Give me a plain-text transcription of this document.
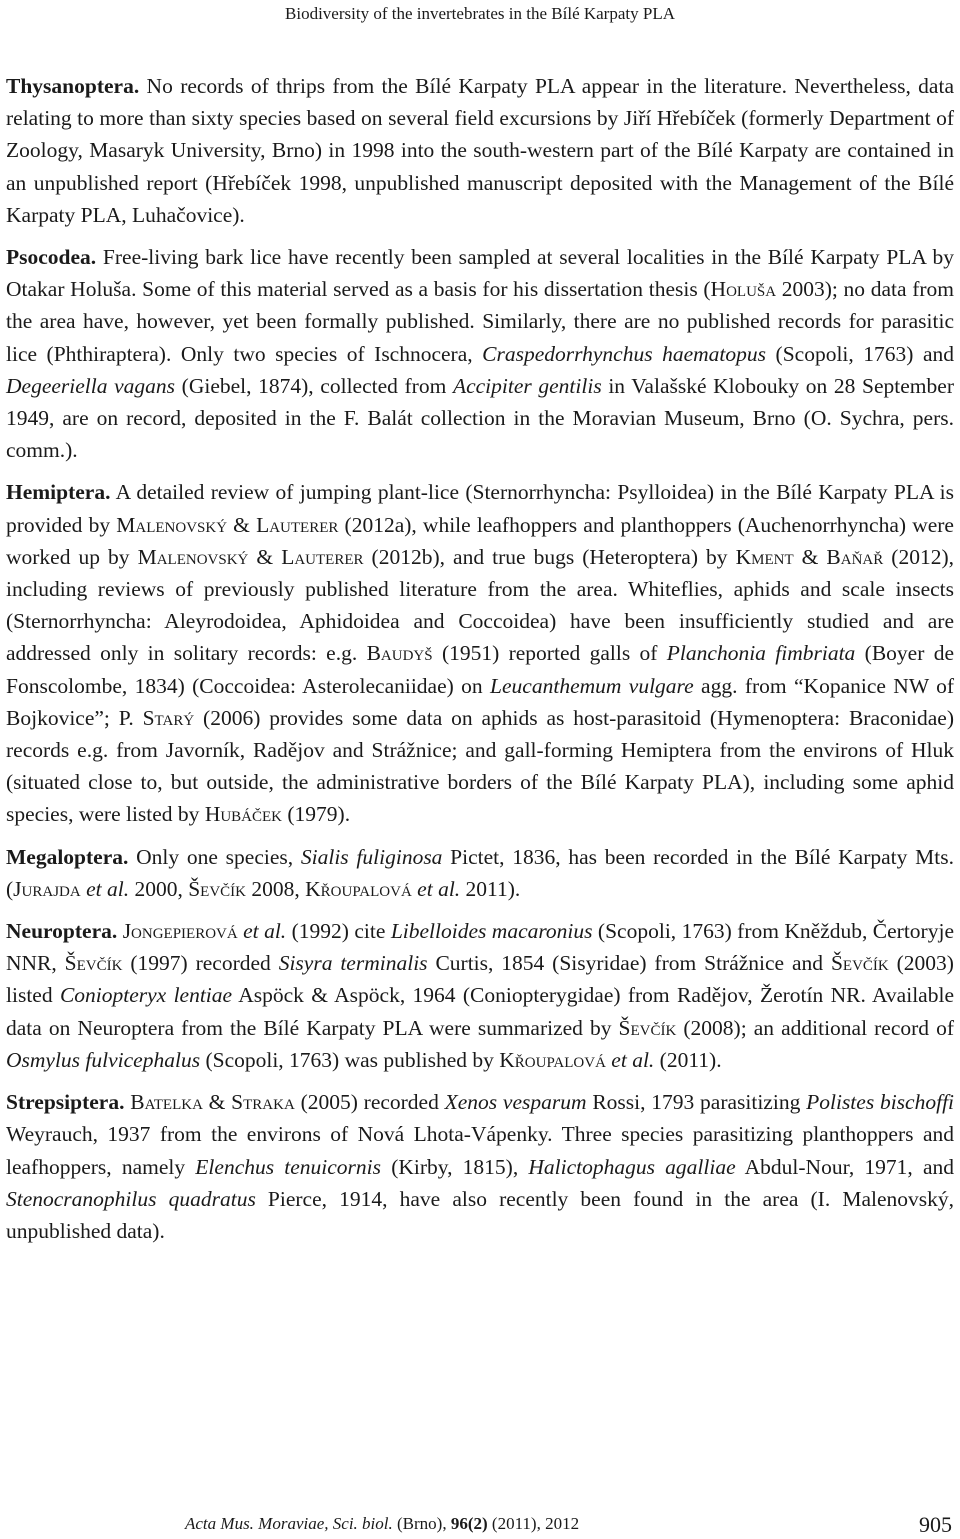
Biodiversity of the invertebrates in the Bílé Karpaty PLA

Thysanoptera. No records of thrips from the Bílé Karpaty PLA appear in the literature. Nevertheless, data relating to more than sixty species based on several field excursions by Jiří Hřebíček (formerly Department of Zoology, Masaryk University, Brno) in 1998 into the south-western part of the Bílé Karpaty are contained in an unpublished report (Hřebíček 1998, unpublished manuscript deposited with the Management of the Bílé Karpaty PLA, Luhačovice).

Psocodea. Free-living bark lice have recently been sampled at several localities in the Bílé Karpaty PLA by Otakar Holuša. Some of this material served as a basis for his dissertation thesis (Holuša 2003); no data from the area have, however, yet been formally published. Similarly, there are no published records for parasitic lice (Phthiraptera). Only two species of Ischnocera, Craspedorrhynchus haematopus (Scopoli, 1763) and Degeeriella vagans (Giebel, 1874), collected from Accipiter gentilis in Valašské Klobouky on 28 September 1949, are on record, deposited in the F. Balát collection in the Moravian Museum, Brno (O. Sychra, pers. comm.).

Hemiptera. A detailed review of jumping plant-lice (Sternorrhyncha: Psylloidea) in the Bílé Karpaty PLA is provided by Malenovský & Lauterer (2012a), while leafhoppers and planthoppers (Auchenorrhyncha) were worked up by Malenovský & Lauterer (2012b), and true bugs (Heteroptera) by Kment & Baňař (2012), including reviews of previously published literature from the area. Whiteflies, aphids and scale insects (Sternorrhyncha: Aleyrodoidea, Aphidoidea and Coccoidea) have been insufficiently studied and are addressed only in solitary records: e.g. Baudyš (1951) reported galls of Planchonia fimbriata (Boyer de Fonscolombe, 1834) (Coccoidea: Asterolecaniidae) on Leucanthemum vulgare agg. from “Kopanice NW of Bojkovice”; P. Starý (2006) provides some data on aphids as host-parasitoid (Hymenoptera: Braconidae) records e.g. from Javorník, Radějov and Strážnice; and gall-forming Hemiptera from the environs of Hluk (situated close to, but outside, the administrative borders of the Bílé Karpaty PLA), including some aphid species, were listed by Hubáček (1979).

Megaloptera. Only one species, Sialis fuliginosa Pictet, 1836, has been recorded in the Bílé Karpaty Mts. (Jurajda et al. 2000, Ševčík 2008, Křoupalová et al. 2011).

Neuroptera. Jongepierová et al. (1992) cite Libelloides macaronius (Scopoli, 1763) from Kněždub, Čertoryje NNR, Ševčík (1997) recorded Sisyra terminalis Curtis, 1854 (Sisyridae) from Strážnice and Ševčík (2003) listed Coniopteryx lentiae Aspöck & Aspöck, 1964 (Coniopterygidae) from Radějov, Žerotín NR. Available data on Neuroptera from the Bílé Karpaty PLA were summarized by Ševčík (2008); an additional record of Osmylus fulvicephalus (Scopoli, 1763) was published by Křoupalová et al. (2011).

Strepsiptera. Batelka & Straka (2005) recorded Xenos vesparum Rossi, 1793 parasitizing Polistes bischoffi Weyrauch, 1937 from the environs of Nová Lhota-Vápenky. Three species parasitizing planthoppers and leafhoppers, namely Elenchus tenuicornis (Kirby, 1815), Halictophagus agalliae Abdul-Nour, 1971, and Stenocranophilus quadratus Pierce, 1914, have also recently been found in the area (I. Malenovský, unpublished data).

Acta Mus. Moraviae, Sci. biol. (Brno), 96(2) (2011), 2012	905
